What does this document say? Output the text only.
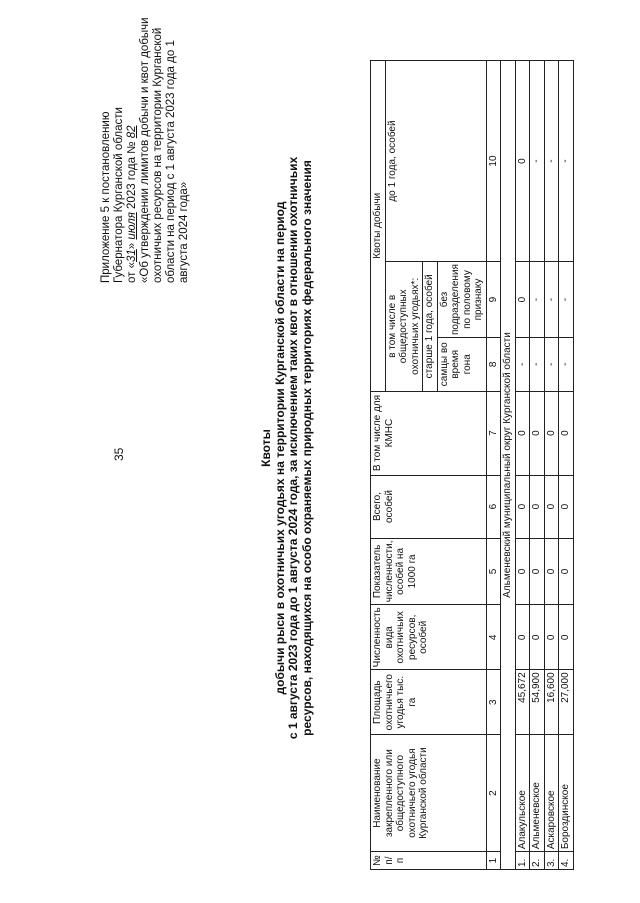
35
Приложение 5 к постановлению Губернатора Курганской области от «31» июля 2023 года № 82 «Об утверждении лимитов добычи и квот добычи охотничьих ресурсов на территории Курганской области на период с 1 августа 2023 года до 1 августа 2024 года»
Квоты добычи рыси в охотничьих угодьях на территории Курганской области на период с 1 августа 2023 года до 1 августа 2024 года, за исключением таких квот в отношении охотничьих ресурсов, находящихся на особо охраняемых природных территориях федерального значения
№ п/п	Наименование закрепленного или общедоступного охотничьего угодья Курганской области	Площадь охотничьего угодья тыс. га	Численность вида охотничьих ресурсов, особей	Показатель численности, особей на 1000 га	Всего, особей	В том числе для КМНС	Квоты добычи		
							в том числе в общедоступных охотничьих угодьях*:		до 1 года, особей
							старше 1 года, особей		
							самцы во время гона	без подразделения по половому признаку	
1	2	3	4	5	6	7	8	9	10
Альменевский муниципальный округ Курганской области									
1.	Алакульское	45,672	0	0	0	0	-	0	0
2.	Альменевское	54,900	0	0	0	0	-	-	-
3.	Аскаровское	16,600	0	0	0	0	-	-	-
4.	Бороздинское	27,000	0	0	0	0	-	-	-
